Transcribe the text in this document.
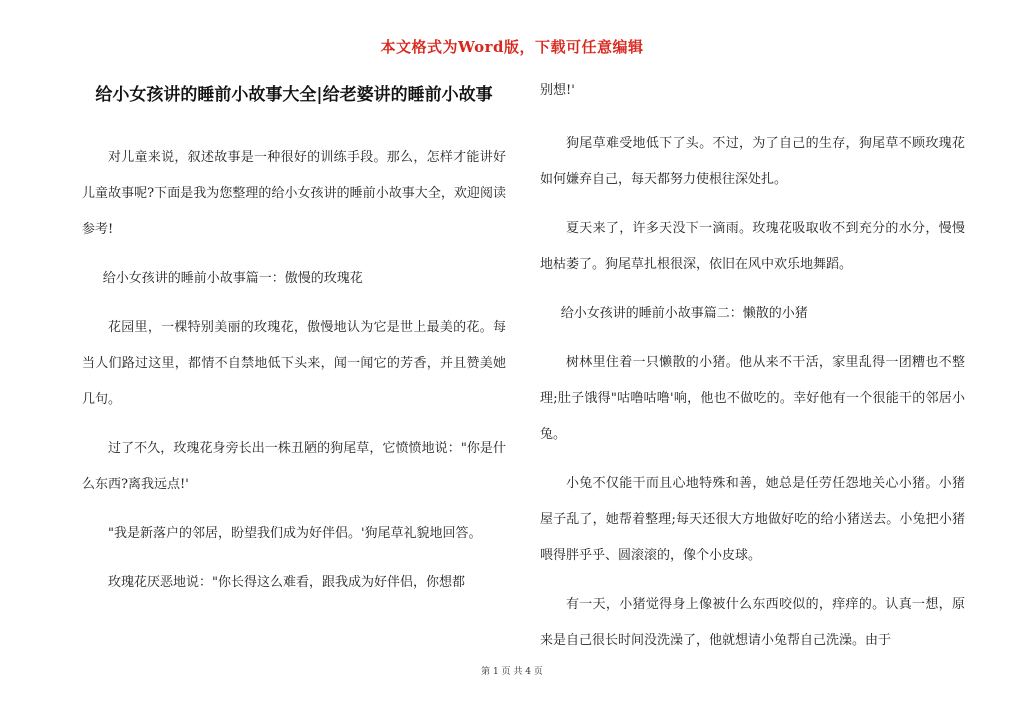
本文格式为Word版，下载可任意编辑
给小女孩讲的睡前小故事大全|给老婆讲的睡前小故事
对儿童来说，叙述故事是一种很好的训练手段。那么，怎样才能讲好儿童故事呢?下面是我为您整理的给小女孩讲的睡前小故事大全，欢迎阅读参考!
给小女孩讲的睡前小故事篇一：傲慢的玫瑰花
花园里，一棵特别美丽的玫瑰花，傲慢地认为它是世上最美的花。每当人们路过这里，都情不自禁地低下头来，闻一闻它的芳香，并且赞美她几句。
过了不久，玫瑰花身旁长出一株丑陋的狗尾草，它愤愤地说："你是什么东西?离我远点!'
"我是新落户的邻居，盼望我们成为好伴侣。'狗尾草礼貌地回答。
玫瑰花厌恶地说："你长得这么难看，跟我成为好伴侣，你想都
别想!'
狗尾草难受地低下了头。不过，为了自己的生存，狗尾草不顾玫瑰花如何嫌弃自己，每天都努力使根往深处扎。
夏天来了，许多天没下一滴雨。玫瑰花吸取收不到充分的水分，慢慢地枯萎了。狗尾草扎根很深，依旧在风中欢乐地舞蹈。
给小女孩讲的睡前小故事篇二：懒散的小猪
树林里住着一只懒散的小猪。他从来不干活，家里乱得一团糟也不整理;肚子饿得"咕噜咕噜'响，他也不做吃的。幸好他有一个很能干的邻居小兔。
小兔不仅能干而且心地特殊和善，她总是任劳任怨地关心小猪。小猪屋子乱了，她帮着整理;每天还很大方地做好吃的给小猪送去。小兔把小猪喂得胖乎乎、圆滚滚的，像个小皮球。
有一天，小猪觉得身上像被什么东西咬似的，痒痒的。认真一想，原来是自己很长时间没洗澡了，他就想请小兔帮自己洗澡。由于
第 1 页 共 4 页
